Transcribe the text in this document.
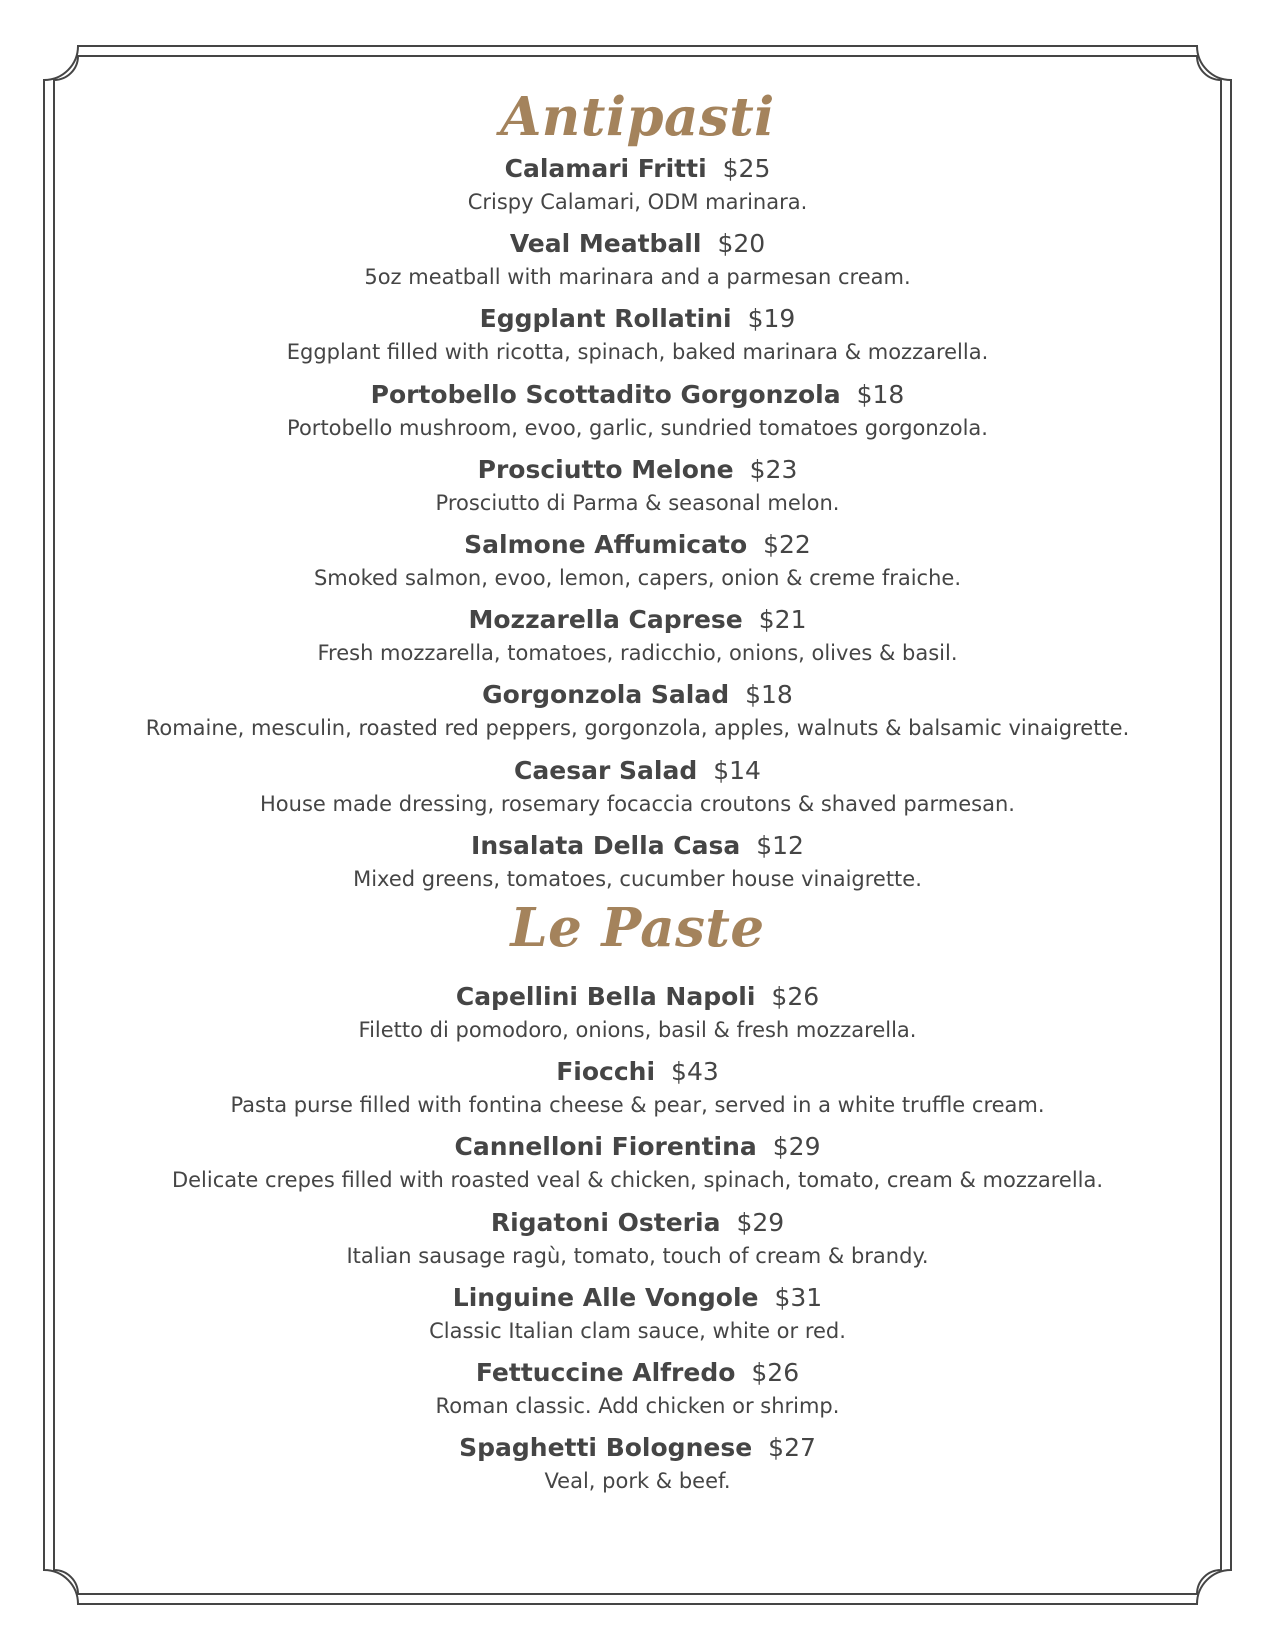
Antipasti
Calamari Fritti $25
Crispy Calamari, ODM marinara.
Veal Meatball $20
5oz meatball with marinara and a parmesan cream.
Eggplant Rollatini $19
Eggplant filled with ricotta, spinach, baked marinara & mozzarella.
Portobello Scottadito Gorgonzola $18
Portobello mushroom, evoo, garlic, sundried tomatoes gorgonzola.
Prosciutto Melone $23
Prosciutto di Parma & seasonal melon.
Salmone Affumicato $22
Smoked salmon, evoo, lemon, capers, onion & creme fraiche.
Mozzarella Caprese $21
Fresh mozzarella, tomatoes, radicchio, onions, olives & basil.
Gorgonzola Salad $18
Romaine, mesculin, roasted red peppers, gorgonzola, apples, walnuts & balsamic vinaigrette.
Caesar Salad $14
House made dressing, rosemary focaccia croutons & shaved parmesan.
Insalata Della Casa $12
Mixed greens, tomatoes, cucumber house vinaigrette.
Le Paste
Capellini Bella Napoli $26
Filetto di pomodoro, onions, basil & fresh mozzarella.
Fiocchi $43
Pasta purse filled with fontina cheese & pear, served in a white truffle cream.
Cannelloni Fiorentina $29
Delicate crepes filled with roasted veal & chicken, spinach, tomato, cream & mozzarella.
Rigatoni Osteria $29
Italian sausage ragù, tomato, touch of cream & brandy.
Linguine Alle Vongole $31
Classic Italian clam sauce, white or red.
Fettuccine Alfredo $26
Roman classic. Add chicken or shrimp.
Spaghetti Bolognese $27
Veal, pork & beef.
